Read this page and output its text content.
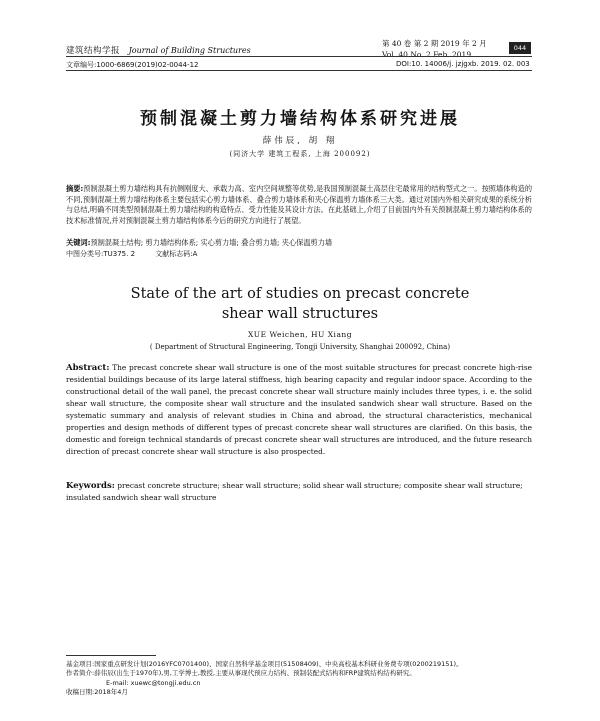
建筑结构学报 Journal of Building Structures
第 40 卷 第 2 期 2019 年 2 月
Vol. 40 No. 2 Feb. 2019
044
文章编号:1000-6869(2019)02-0044-12	DOI:10. 14006/j. jzjgxb. 2019. 02. 003
预制混凝土剪力墙结构体系研究进展
薛伟辰, 胡 翔
(同济大学 建筑工程系, 上海 200092)
摘要:预制混凝土剪力墙结构具有抗侧刚度大、承载力高、室内空间规整等优势,是我国预制混凝土高层住宅最常用的结构型式之一。按照墙体构造的不同,预制混凝土剪力墙结构体系主要包括实心剪力墙体系、叠合剪力墙体系和夹心保温剪力墙体系三大类。通过对国内外相关研究成果的系统分析与总结,明确不同类型预制混凝土剪力墙结构的构造特点、受力性能及其设计方法。在此基础上,介绍了目前国内外有关预制混凝土剪力墙结构体系的技术标准情况,并对预制混凝土剪力墙结构体系今后的研究方向进行了展望。
关键词:预制混凝土结构; 剪力墙结构体系; 实心剪力墙; 叠合剪力墙; 夹心保温剪力墙
中图分类号:TU375. 2	文献标志码:A
State of the art of studies on precast concrete
shear wall structures
XUE Weichen, HU Xiang
( Department of Structural Engineering, Tongji University, Shanghai 200092, China)
Abstract: The precast concrete shear wall structure is one of the most suitable structures for precast concrete high-rise residential buildings because of its large lateral stiffness, high bearing capacity and regular indoor space. According to the constructional detail of the wall panel, the precast concrete shear wall structure mainly includes three types, i. e. the solid shear wall structure, the composite shear wall structure and the insulated sandwich shear wall structure. Based on the systematic summary and analysis of relevant studies in China and abroad, the structural characteristics, mechanical properties and design methods of different types of precast concrete shear wall structures are clarified. On this basis, the domestic and foreign technical standards of precast concrete shear wall structures are introduced, and the future research direction of precast concrete shear wall structure is also prospected.
Keywords: precast concrete structure; shear wall structure; solid shear wall structure; composite shear wall structure; insulated sandwich shear wall structure
基金项目:国家重点研发计划(2016YFC0701400)、国家自然科学基金项目(51508409)、中央高校基本科研业务费专项(0200219151)。
作者简介:薛伟辰(出生于1970年),男,工学博士,教授,主要从事现代预应力结构、预制装配式结构和FRP建筑结构结构研究。
E-mail: xuewc@tongji.edu.cn
收稿日期:2018年4月
